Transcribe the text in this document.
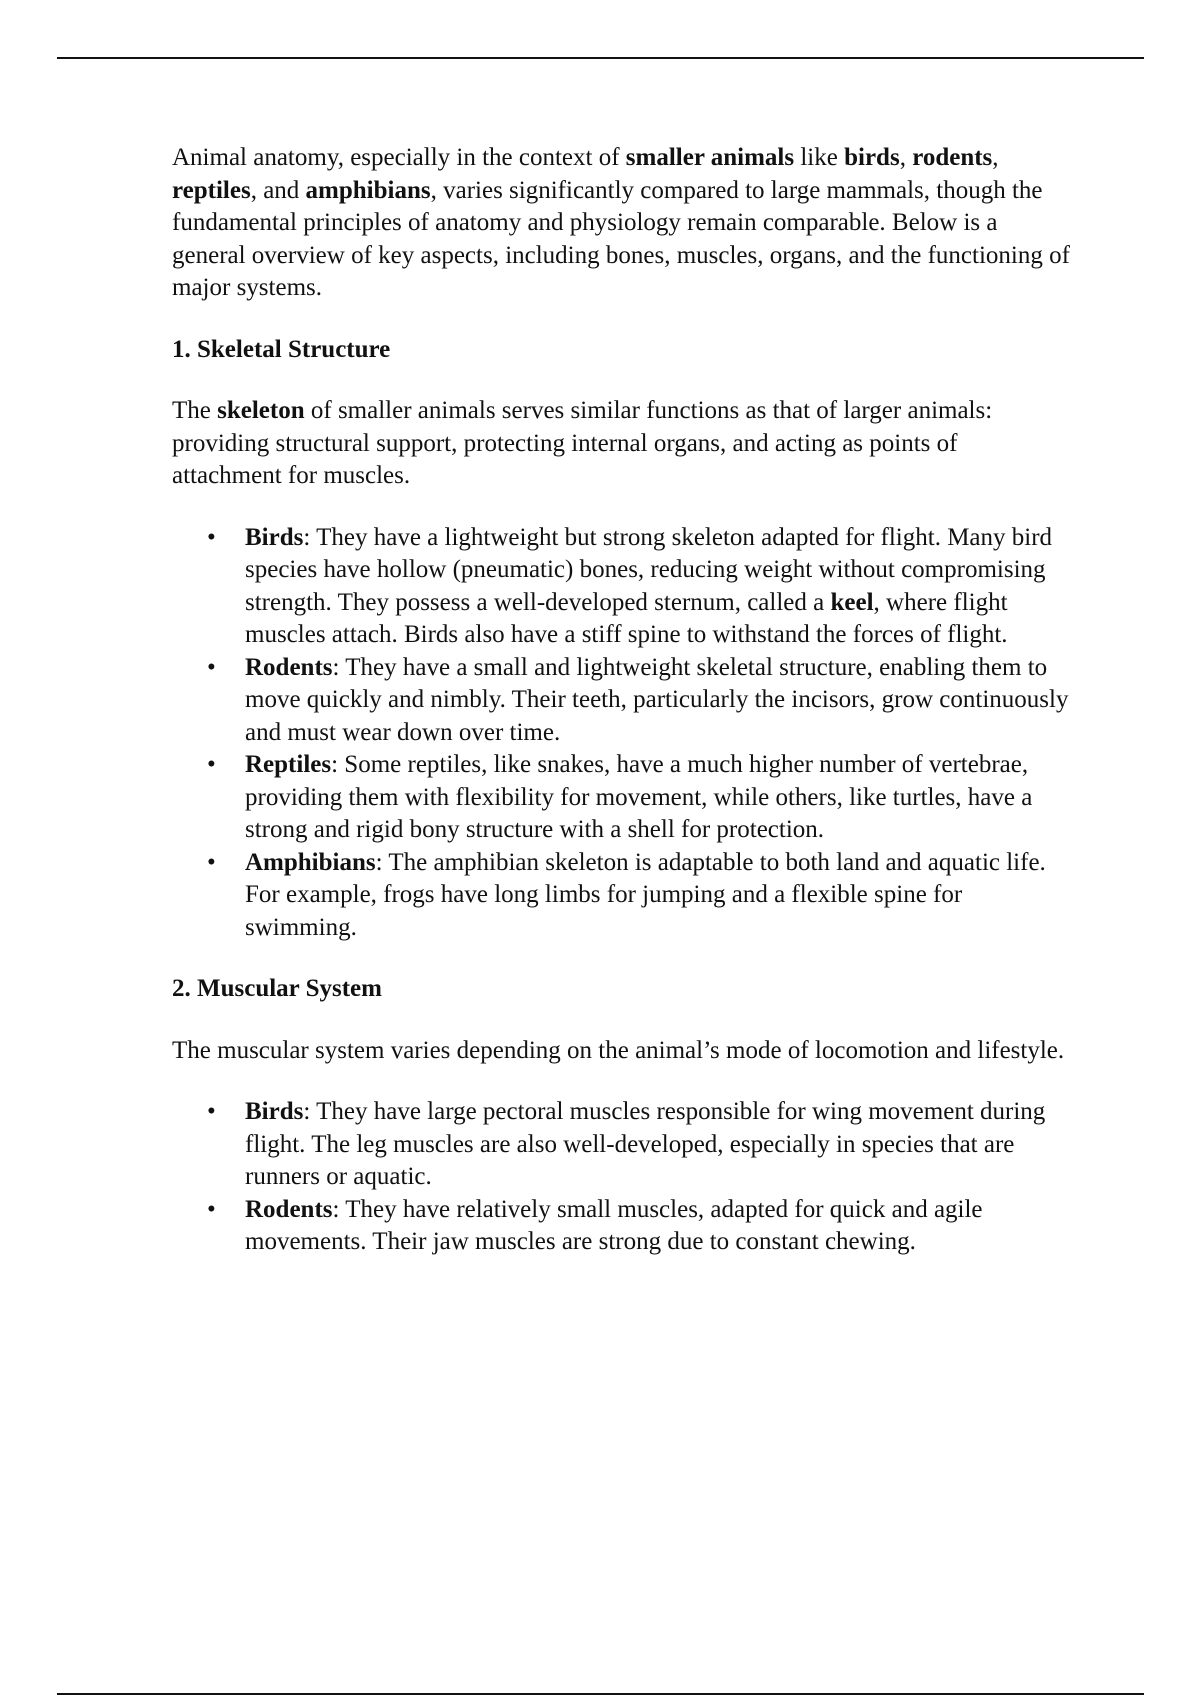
Animal anatomy, especially in the context of smaller animals like birds, rodents, reptiles, and amphibians, varies significantly compared to large mammals, though the fundamental principles of anatomy and physiology remain comparable. Below is a general overview of key aspects, including bones, muscles, organs, and the functioning of major systems.

1. Skeletal Structure

The skeleton of smaller animals serves similar functions as that of larger animals: providing structural support, protecting internal organs, and acting as points of attachment for muscles.

• Birds: They have a lightweight but strong skeleton adapted for flight. Many bird species have hollow (pneumatic) bones, reducing weight without compromising strength. They possess a well-developed sternum, called a keel, where flight muscles attach. Birds also have a stiff spine to withstand the forces of flight.
• Rodents: They have a small and lightweight skeletal structure, enabling them to move quickly and nimbly. Their teeth, particularly the incisors, grow continuously and must wear down over time.
• Reptiles: Some reptiles, like snakes, have a much higher number of vertebrae, providing them with flexibility for movement, while others, like turtles, have a strong and rigid bony structure with a shell for protection.
• Amphibians: The amphibian skeleton is adaptable to both land and aquatic life. For example, frogs have long limbs for jumping and a flexible spine for swimming.
2. Muscular System

The muscular system varies depending on the animal’s mode of locomotion and lifestyle.

• Birds: They have large pectoral muscles responsible for wing movement during flight. The leg muscles are also well-developed, especially in species that are runners or aquatic.
• Rodents: They have relatively small muscles, adapted for quick and agile movements. Their jaw muscles are strong due to constant chewing.
